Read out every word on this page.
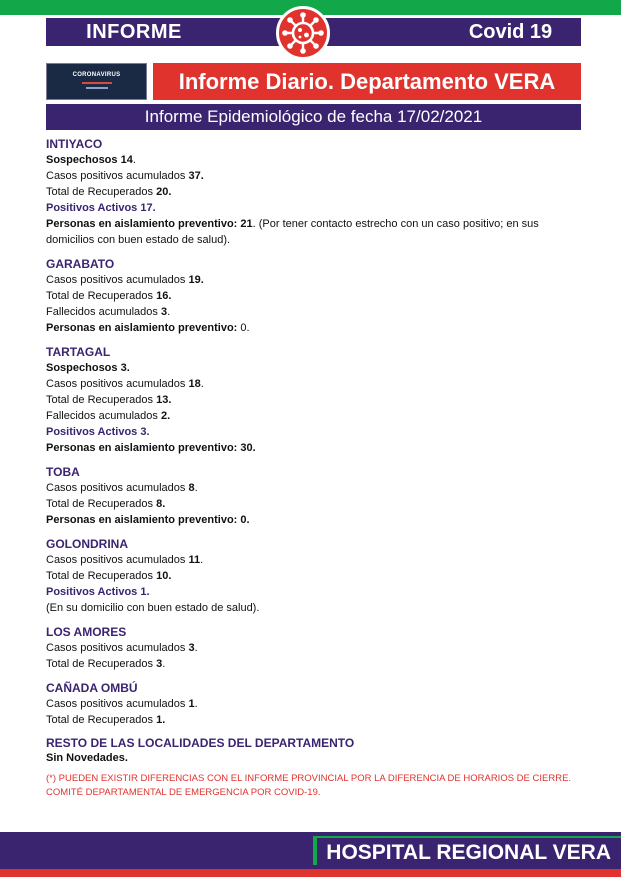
INFORME	Covid 19
CORONAVIRUS	Informe Diario. Departamento VERA
Informe Epidemiológico de fecha 17/02/2021
INTIYACO
Sospechosos 14.
Casos positivos acumulados 37.
Total de Recuperados 20.
Positivos Activos 17.
Personas en aislamiento preventivo: 21. (Por tener contacto estrecho con un caso positivo; en sus domicilios con buen estado de salud).
GARABATO
Casos positivos acumulados 19.
Total de Recuperados 16.
Fallecidos acumulados 3.
Personas en aislamiento preventivo: 0.
TARTAGAL
Sospechosos 3.
Casos positivos acumulados 18.
Total de Recuperados 13.
Fallecidos acumulados 2.
Positivos Activos 3.
Personas en aislamiento preventivo: 30.
TOBA
Casos positivos acumulados 8.
Total de Recuperados 8.
Personas en aislamiento preventivo: 0.
GOLONDRINA
Casos positivos acumulados 11.
Total de Recuperados 10.
Positivos Activos 1.
(En su domicilio con buen estado de salud).
LOS AMORES
Casos positivos acumulados 3.
Total de Recuperados 3.
CAÑADA OMBÚ
Casos positivos acumulados 1.
Total de Recuperados 1.
RESTO DE LAS LOCALIDADES DEL DEPARTAMENTO
Sin Novedades.
(*) PUEDEN EXISTIR DIFERENCIAS CON EL INFORME PROVINCIAL POR LA DIFERENCIA DE HORARIOS DE CIERRE.
COMITÉ DEPARTAMENTAL DE EMERGENCIA POR COVID-19.
HOSPITAL REGIONAL VERA
